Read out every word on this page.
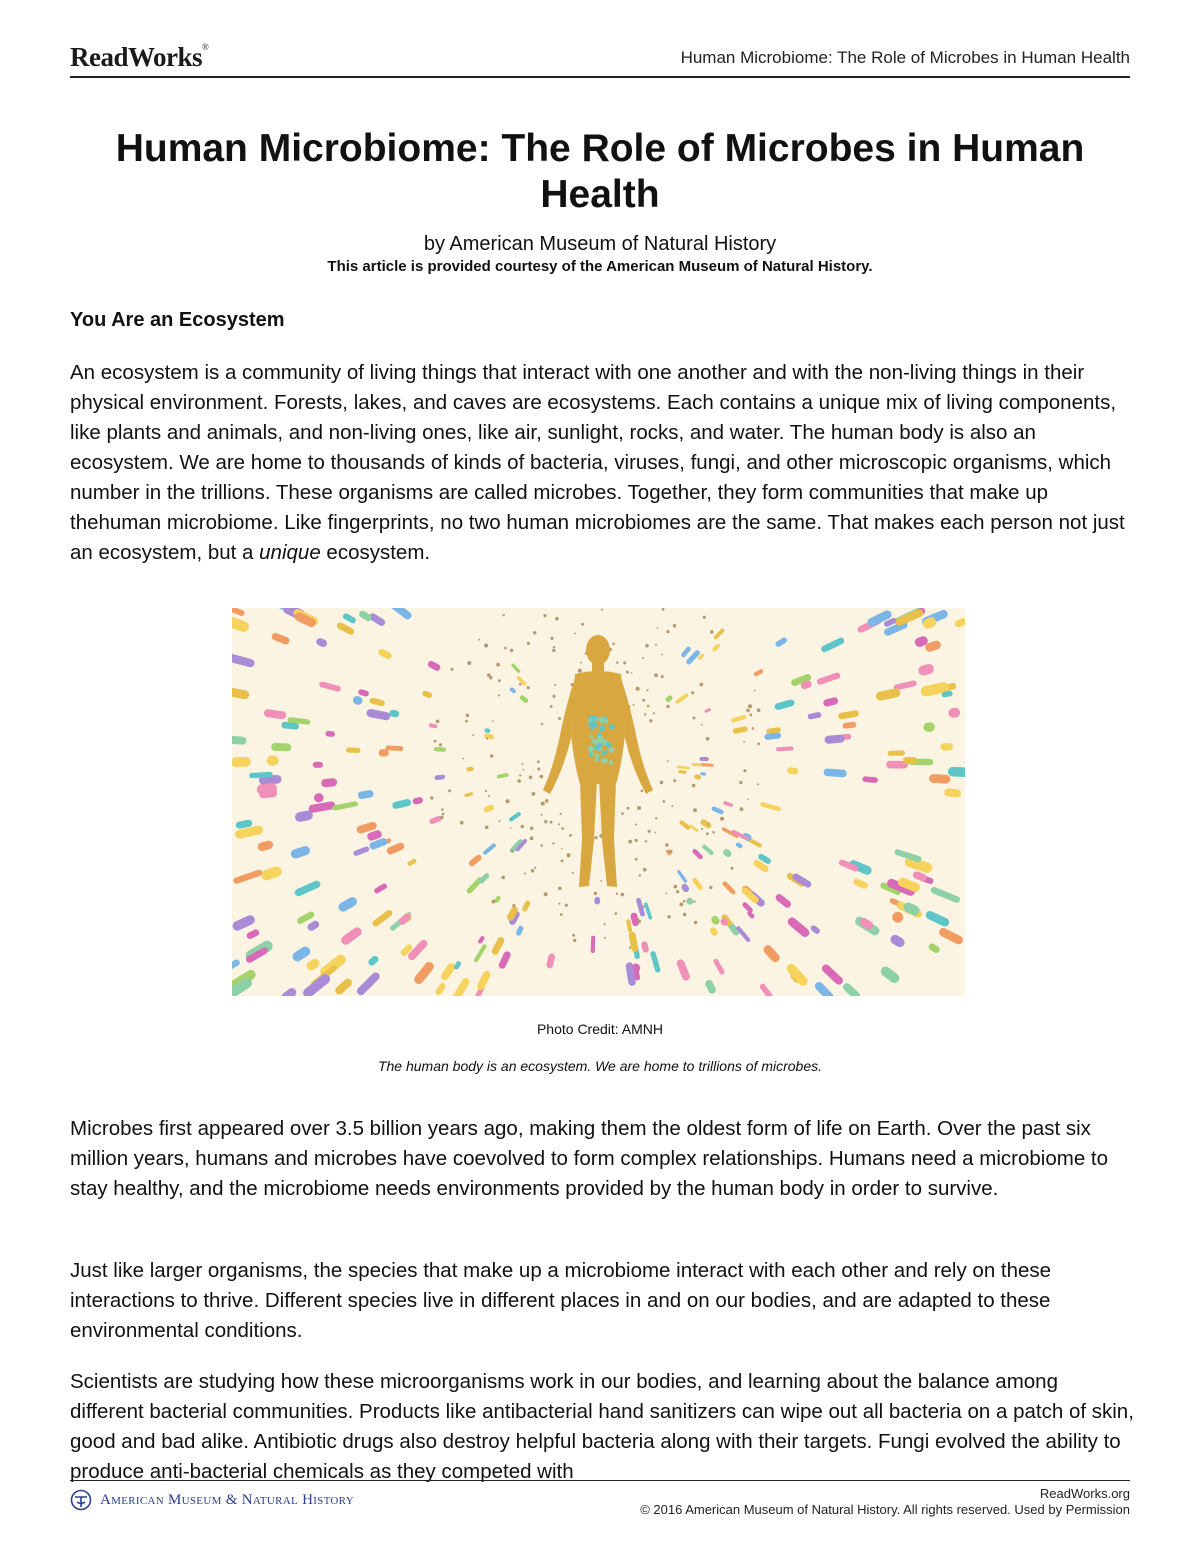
ReadWorks®
Human Microbiome: The Role of Microbes in Human Health
Human Microbiome: The Role of Microbes in Human Health
by American Museum of Natural History
This article is provided courtesy of the American Museum of Natural History.
You Are an Ecosystem

An ecosystem is a community of living things that interact with one another and with the non-living things in their physical environment. Forests, lakes, and caves are ecosystems. Each contains a unique mix of living components, like plants and animals, and non-living ones, like air, sunlight, rocks, and water. The human body is also an ecosystem. We are home to thousands of kinds of bacteria, viruses, fungi, and other microscopic organisms, which number in the trillions. These organisms are called microbes. Together, they form communities that make up thehuman microbiome. Like fingerprints, no two human microbiomes are the same. That makes each person not just an ecosystem, but a unique ecosystem.

Photo Credit: AMNH
The human body is an ecosystem. We are home to trillions of microbes.

Microbes first appeared over 3.5 billion years ago, making them the oldest form of life on Earth. Over the past six million years, humans and microbes have coevolved to form complex relationships. Humans need a microbiome to stay healthy, and the microbiome needs environments provided by the human body in order to survive.

Just like larger organisms, the species that make up a microbiome interact with each other and rely on these interactions to thrive. Different species live in different places in and on our bodies, and are adapted to these environmental conditions.

Scientists are studying how these microorganisms work in our bodies, and learning about the balance among different bacterial communities. Products like antibacterial hand sanitizers can wipe out all bacteria on a patch of skin, good and bad alike. Antibiotic drugs also destroy helpful bacteria along with their targets. Fungi evolved the ability to produce anti-bacterial chemicals as they competed with

American Museum & Natural History	ReadWorks.org
© 2016 American Museum of Natural History. All rights reserved. Used by Permission
